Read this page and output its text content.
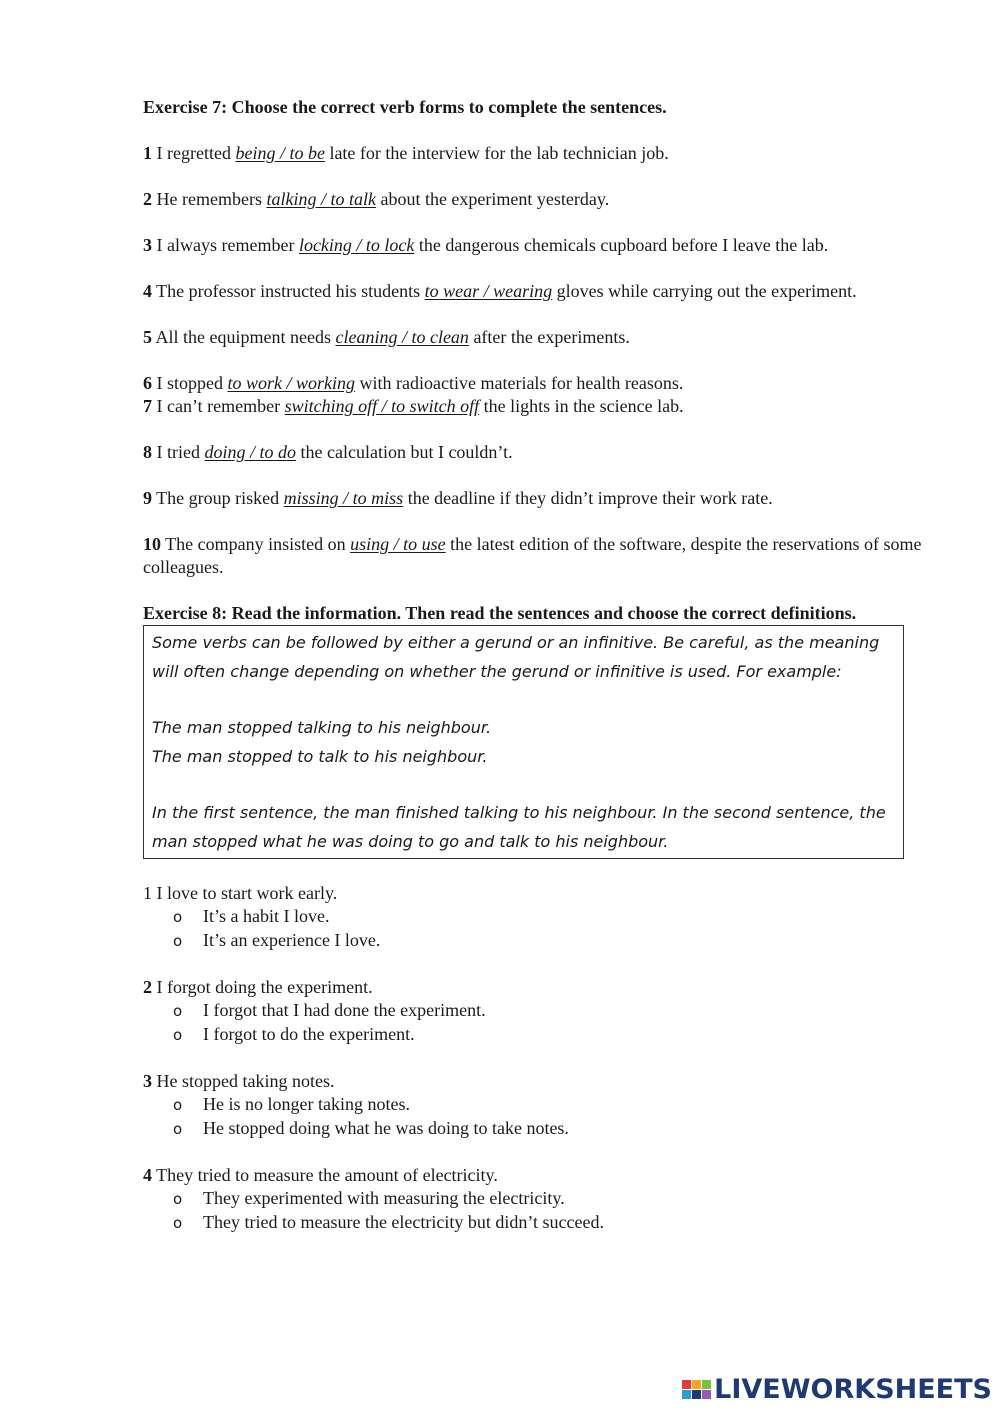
Exercise 7: Choose the correct verb forms to complete the sentences.

1 I regretted being / to be late for the interview for the lab technician job.

2 He remembers talking / to talk about the experiment yesterday.

3 I always remember locking / to lock the dangerous chemicals cupboard before I leave the lab.

4 The professor instructed his students to wear / wearing gloves while carrying out the experiment.

5 All the equipment needs cleaning / to clean after the experiments.

6 I stopped to work / working with radioactive materials for health reasons.

7 I can’t remember switching off / to switch off the lights in the science lab.

8 I tried doing / to do the calculation but I couldn’t.

9 The group risked missing / to miss the deadline if they didn’t improve their work rate.

10 The company insisted on using / to use the latest edition of the software, despite the reservations of some colleagues.

Exercise 8: Read the information. Then read the sentences and choose the correct definitions.

Some verbs can be followed by either a gerund or an infinitive. Be careful, as the meaning will often change depending on whether the gerund or infinitive is used. For example:

The man stopped talking to his neighbour.

The man stopped to talk to his neighbour.

In the first sentence, the man finished talking to his neighbour. In the second sentence, the man stopped what he was doing to go and talk to his neighbour.

1 I love to start work early.

o	It’s a habit I love.
o	It’s an experience I love.

2 I forgot doing the experiment.

o	I forgot that I had done the experiment.
o	I forgot to do the experiment.

3 He stopped taking notes.

o	He is no longer taking notes.
o	He stopped doing what he was doing to take notes.

4 They tried to measure the amount of electricity.

o	They experimented with measuring the electricity.
o	They tried to measure the electricity but didn’t succeed.
LIVEWORKSHEETS
